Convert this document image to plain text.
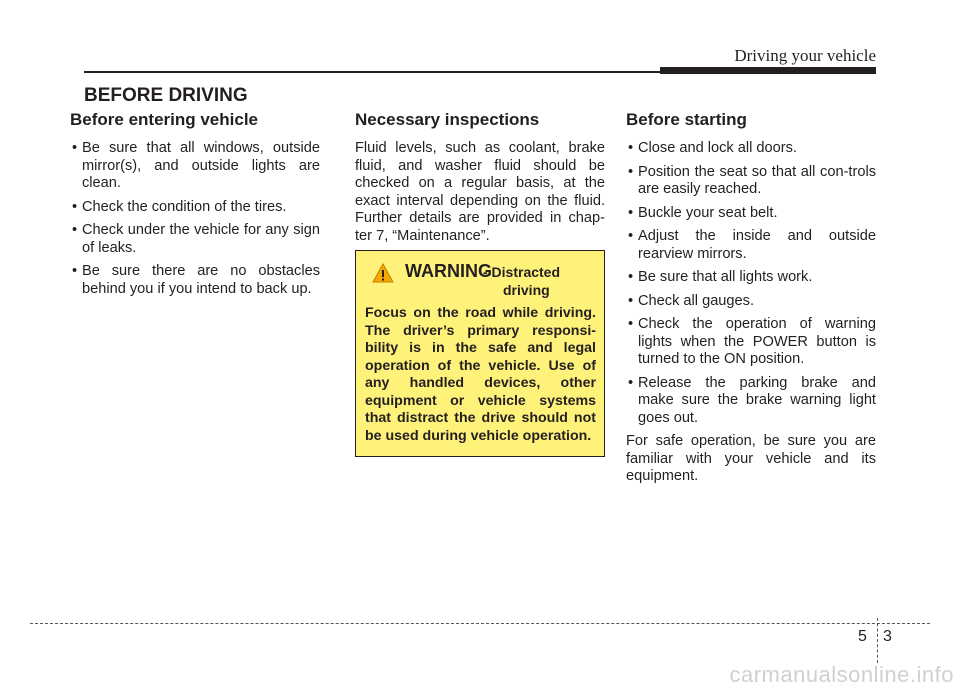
Driving your vehicle
BEFORE DRIVING
Before entering vehicle
• Be sure that all windows, outside mirror(s), and outside lights are clean.
• Check the condition of the tires.
• Check under the vehicle for any sign of leaks.
• Be sure there are no obstacles behind you if you intend to back up.
Necessary inspections

Fluid levels, such as coolant, brake fluid, and washer fluid should be checked on a regular basis, at the exact interval depending on the fluid. Further details are provided in chap-ter 7, “Maintenance”.

WARNING
- Distracted
driving

Focus on the road while driving. The driver’s primary responsi-bility is in the safe and legal operation of the vehicle. Use of any handled devices, other equipment or vehicle systems that distract the drive should not be used during vehicle operation.

Before starting
• Close and lock all doors.
• Position the seat so that all con-trols are easily reached.
• Buckle your seat belt.
• Adjust the inside and outside rearview mirrors.
• Be sure that all lights work.
• Check all gauges.
• Check the operation of warning lights when the POWER button is turned to the ON position.
• Release the parking brake and make sure the brake warning light goes out.

For safe operation, be sure you are familiar with your vehicle and its equipment.

5 3
carmanualsonline.info
